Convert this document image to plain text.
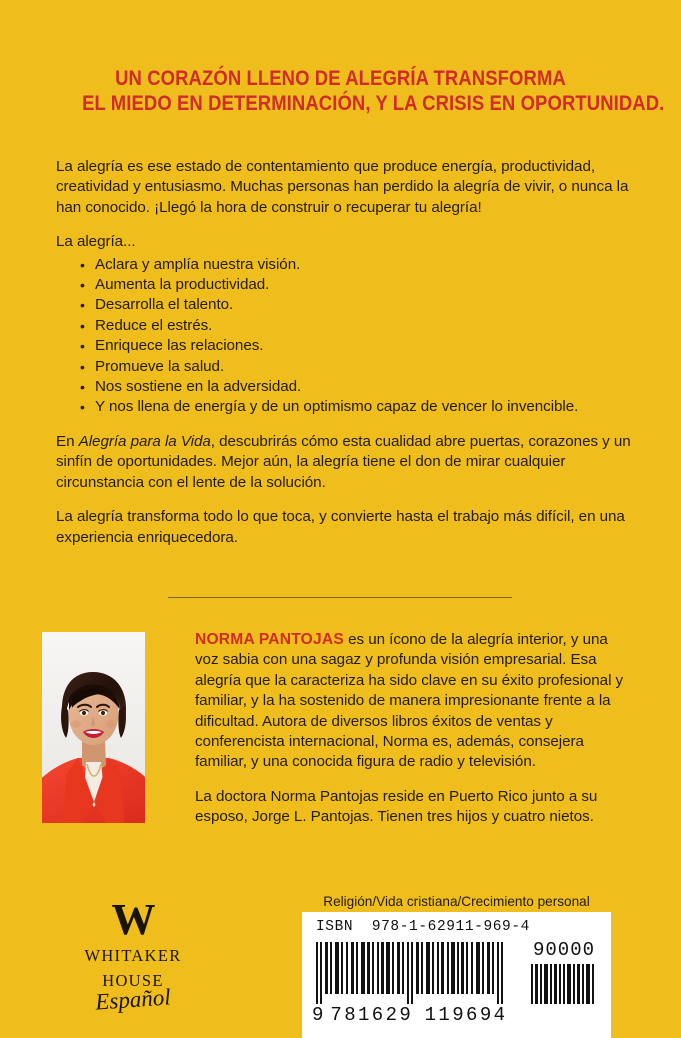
UN CORAZÓN LLENO DE ALEGRÍA TRANSFORMA
EL MIEDO EN DETERMINACIÓN, Y LA CRISIS EN OPORTUNIDAD.

La alegría es ese estado de contentamiento que produce energía, productividad, creatividad y entusiasmo. Muchas personas han perdido la alegría de vivir, o nunca la han conocido. ¡Llegó la hora de construir o recuperar tu alegría!

La alegría...

• Aclara y amplía nuestra visión.
• Aumenta la productividad.
• Desarrolla el talento.
• Reduce el estrés.
• Enriquece las relaciones.
• Promueve la salud.
• Nos sostiene en la adversidad.
• Y nos llena de energía y de un optimismo capaz de vencer lo invencible.

En Alegría para la Vida, descubrirás cómo esta cualidad abre puertas, corazones y un sinfín de oportunidades. Mejor aún, la alegría tiene el don de mirar cualquier circunstancia con el lente de la solución.

La alegría transforma todo lo que toca, y convierte hasta el trabajo más difícil, en una experiencia enriquecedora.

NORMA PANTOJAS es un ícono de la alegría interior, y una voz sabia con una sagaz y profunda visión empresarial. Esa alegría que la caracteriza ha sido clave en su éxito profesional y familiar, y la ha sostenido de manera impresionante frente a la dificultad. Autora de diversos libros éxitos de ventas y conferencista internacional, Norma es, además, consejera familiar, y una conocida figura de radio y televisión.

La doctora Norma Pantojas reside en Puerto Rico junto a su esposo, Jorge L. Pantojas. Tienen tres hijos y cuatro nietos.

W
WHITAKER
HOUSE
Español
Religión/Vida cristiana/Crecimiento personal
ISBN 978-1-62911-969-4
90000
9 781629 119694
